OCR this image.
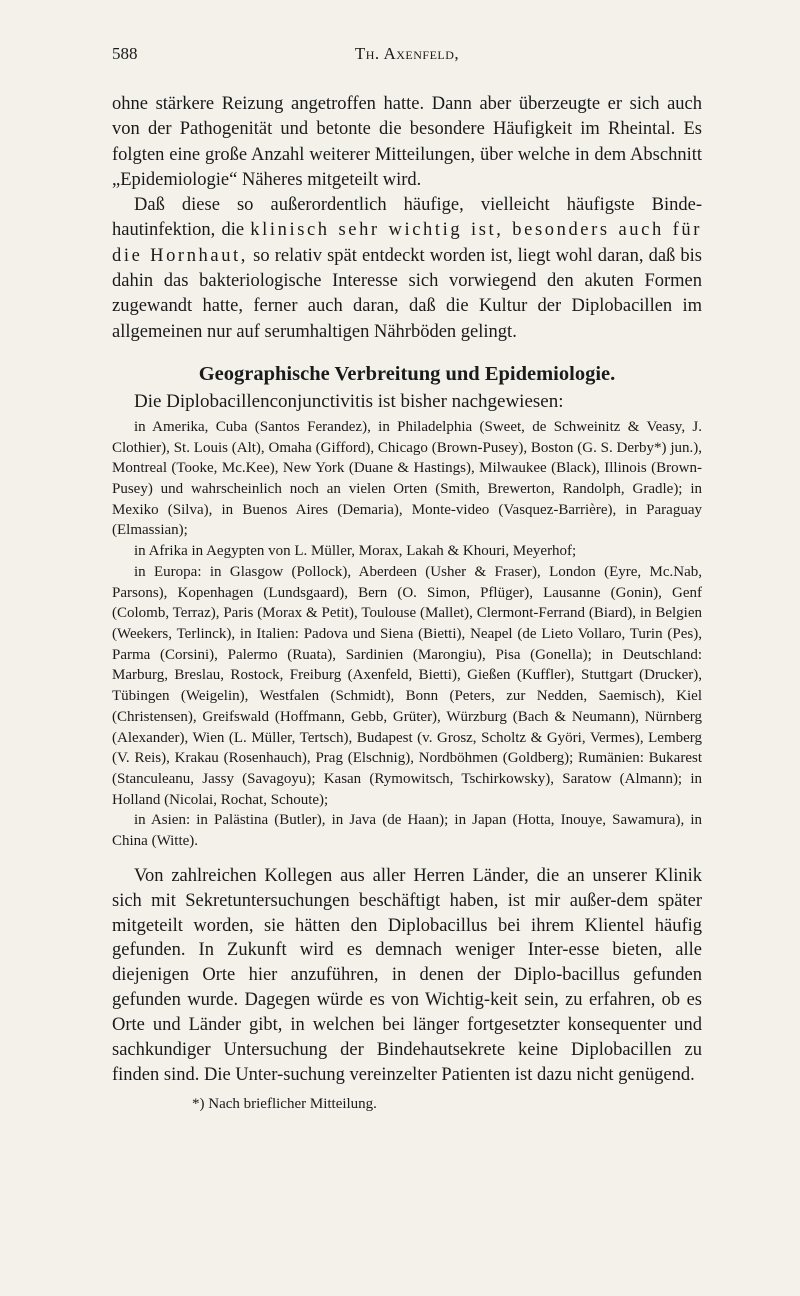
588	Th. Axenfeld,

ohne stärkere Reizung angetroffen hatte. Dann aber überzeugte er sich auch von der Pathogenität und betonte die besondere Häufigkeit im Rheintal. Es folgten eine große Anzahl weiterer Mitteilungen, über welche in dem Abschnitt „Epidemiologie“ Näheres mitgeteilt wird.

Daß diese so außerordentlich häufige, vielleicht häufigste Binde-hautinfektion, die klinisch sehr wichtig ist, besonders auch für die Hornhaut, so relativ spät entdeckt worden ist, liegt wohl daran, daß bis dahin das bakteriologische Interesse sich vorwiegend den akuten Formen zugewandt hatte, ferner auch daran, daß die Kultur der Diplobacillen im allgemeinen nur auf serumhaltigen Nährböden gelingt.

Geographische Verbreitung und Epidemiologie.

Die Diplobacillenconjunctivitis ist bisher nachgewiesen:

in Amerika, Cuba (Santos Ferandez), in Philadelphia (Sweet, de Schweinitz & Veasy, J. Clothier), St. Louis (Alt), Omaha (Gifford), Chicago (Brown-Pusey), Boston (G. S. Derby*) jun.), Montreal (Tooke, Mc.Kee), New York (Duane & Hastings), Milwaukee (Black), Illinois (Brown-Pusey) und wahrscheinlich noch an vielen Orten (Smith, Brewerton, Randolph, Gradle); in Mexiko (Silva), in Buenos Aires (Demaria), Monte-video (Vasquez-Barrière), in Paraguay (Elmassian);

in Afrika in Aegypten von L. Müller, Morax, Lakah & Khouri, Meyerhof;

in Europa: in Glasgow (Pollock), Aberdeen (Usher & Fraser), London (Eyre, Mc.Nab, Parsons), Kopenhagen (Lundsgaard), Bern (O. Simon, Pflüger), Lausanne (Gonin), Genf (Colomb, Terraz), Paris (Morax & Petit), Toulouse (Mallet), Clermont-Ferrand (Biard), in Belgien (Weekers, Terlinck), in Italien: Padova und Siena (Bietti), Neapel (de Lieto Vollaro, Turin (Pes), Parma (Corsini), Palermo (Ruata), Sardinien (Marongiu), Pisa (Gonella); in Deutschland: Marburg, Breslau, Rostock, Freiburg (Axenfeld, Bietti), Gießen (Kuffler), Stuttgart (Drucker), Tübingen (Weigelin), Westfalen (Schmidt), Bonn (Peters, zur Nedden, Saemisch), Kiel (Christensen), Greifswald (Hoffmann, Gebb, Grüter), Würzburg (Bach & Neumann), Nürnberg (Alexander), Wien (L. Müller, Tertsch), Budapest (v. Grosz, Scholtz & Györi, Vermes), Lemberg (V. Reis), Krakau (Rosenhauch), Prag (Elschnig), Nordböhmen (Goldberg); Rumänien: Bukarest (Stanculeanu, Jassy (Savagoyu); Kasan (Rymowitsch, Tschirkowsky), Saratow (Almann); in Holland (Nicolai, Rochat, Schoute);

in Asien: in Palästina (Butler), in Java (de Haan); in Japan (Hotta, Inouye, Sawamura), in China (Witte).

Von zahlreichen Kollegen aus aller Herren Länder, die an unserer Klinik sich mit Sekretuntersuchungen beschäftigt haben, ist mir außer-dem später mitgeteilt worden, sie hätten den Diplobacillus bei ihrem Klientel häufig gefunden. In Zukunft wird es demnach weniger Inter-esse bieten, alle diejenigen Orte hier anzuführen, in denen der Diplo-bacillus gefunden gefunden wurde. Dagegen würde es von Wichtig-keit sein, zu erfahren, ob es Orte und Länder gibt, in welchen bei länger fortgesetzter konsequenter und sachkundiger Untersuchung der Bindehautsekrete keine Diplobacillen zu finden sind. Die Unter-suchung vereinzelter Patienten ist dazu nicht genügend.

*) Nach brieflicher Mitteilung.
